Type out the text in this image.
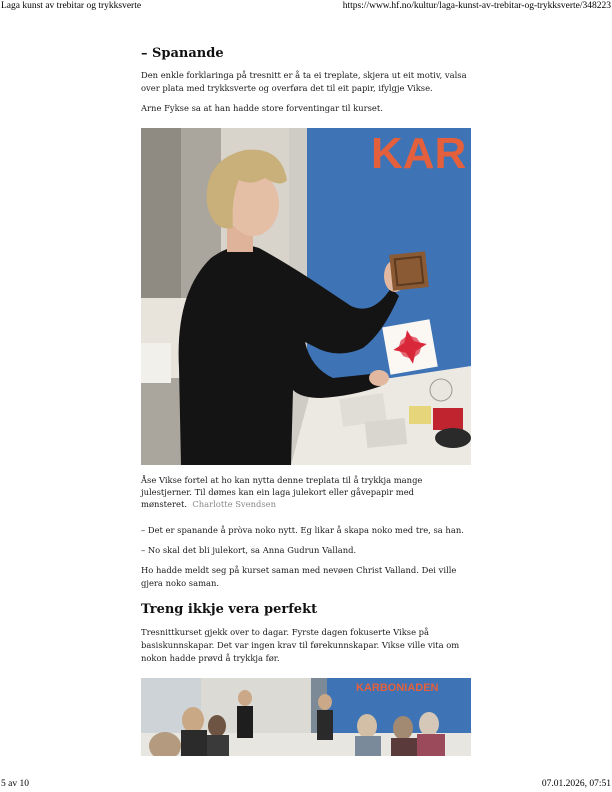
Laga kunst av trebitar og trykksverte	https://www.hf.no/kultur/laga-kunst-av-trebitar-og-trykksverte/348223
– Spanande

Den enkle forklaringa på tresnitt er å ta ei treplate, skjera ut eit motiv, valsa over plata med trykksverte og overføra det til eit papir, ifylgje Vikse.

Arne Fykse sa at han hadde store forventingar til kurset.

KAR

Åse Vikse fortel at ho kan nytta denne treplata til å trykkja mange julestjerner. Til dømes kan ein laga julekort eller gåvepapir med mønsteret. Charlotte Svendsen

– Det er spanande å pròva noko nytt. Eg likar å skapa noko med tre, sa han.

– No skal det bli julekort, sa Anna Gudrun Valland.

Ho hadde meldt seg på kurset saman med nevøen Christ Valland. Dei ville gjera noko saman.

Treng ikkje vera perfekt

Tresnittkurset gjekk over to dagar. Fyrste dagen fokuserte Vikse på basiskunnskapar. Det var ingen krav til førekunnskapar. Vikse ville vita om nokon hadde prøvd å trykkja før.

KARBONIADEN
5 av 10	07.01.2026, 07:51
